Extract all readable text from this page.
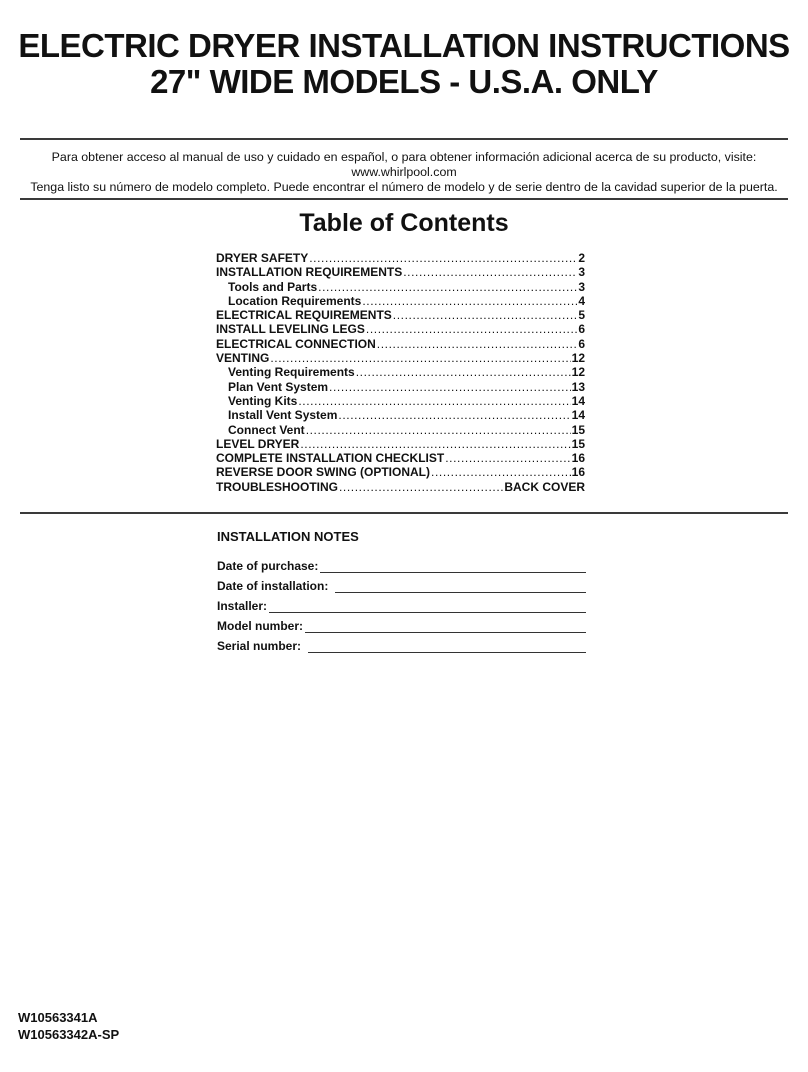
ELECTRIC DRYER INSTALLATION INSTRUCTIONS
27" WIDE MODELS - U.S.A. ONLY
Para obtener acceso al manual de uso y cuidado en español, o para obtener información adicional acerca de su producto, visite:
www.whirlpool.com
Tenga listo su número de modelo completo. Puede encontrar el número de modelo y de serie dentro de la cavidad superior de la puerta.
Table of Contents
DRYER SAFETY .....	2
INSTALLATION REQUIREMENTS .....	3
Tools and Parts .....	3
Location Requirements .....	4
ELECTRICAL REQUIREMENTS .....	5
INSTALL LEVELING LEGS .....	6
ELECTRICAL CONNECTION .....	6
VENTING .....	12
Venting Requirements .....	12
Plan Vent System .....	13
Venting Kits .....	14
Install Vent System .....	14
Connect Vent .....	15
LEVEL DRYER .....	15
COMPLETE INSTALLATION CHECKLIST .....	16
REVERSE DOOR SWING (OPTIONAL) .....	16
TROUBLESHOOTING .....	BACK COVER
INSTALLATION NOTES
Date of purchase:
Date of installation:
Installer:
Model number:
Serial number:
W10563341A
W10563342A-SP
